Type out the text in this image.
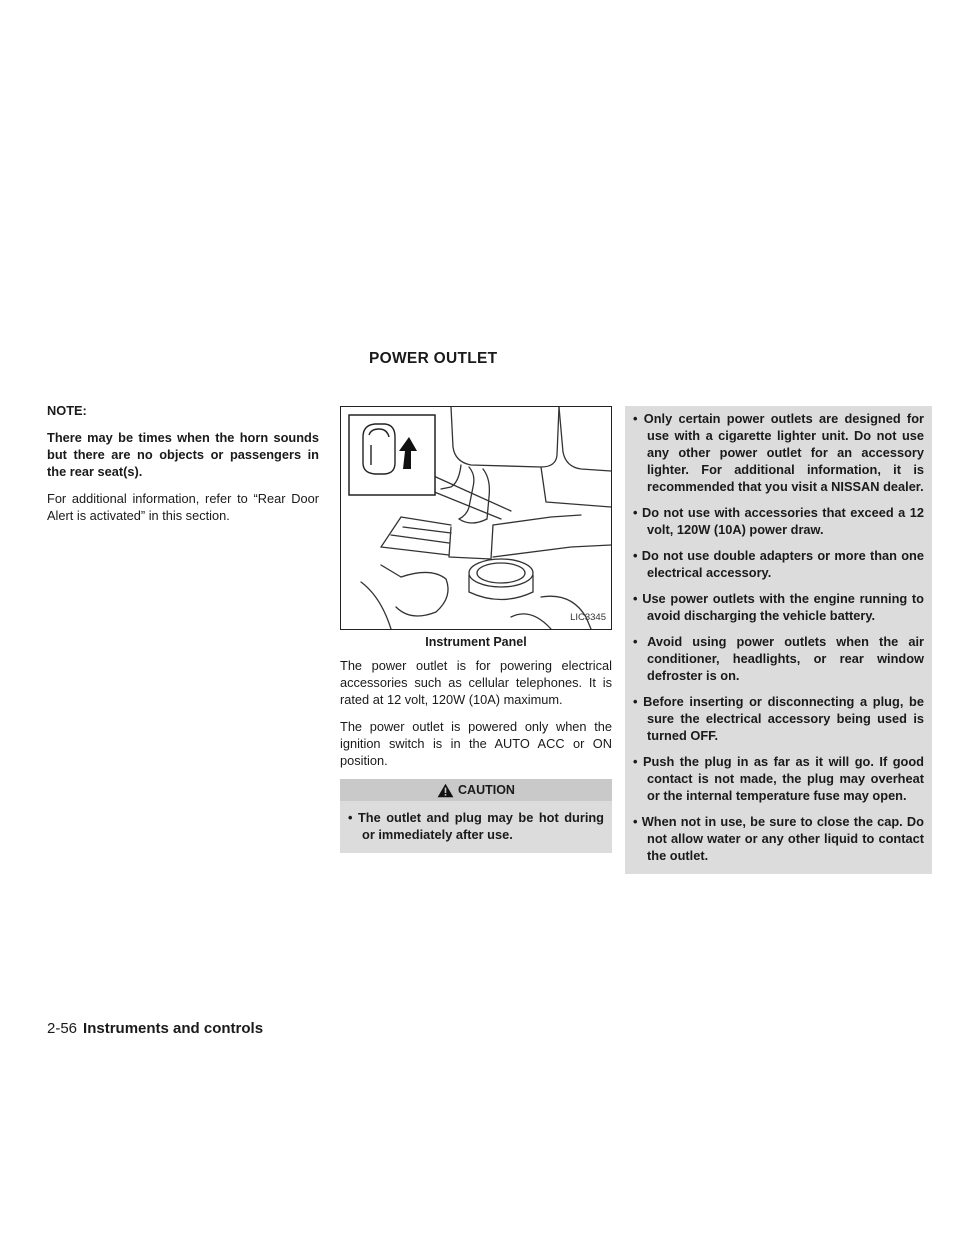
POWER OUTLET
NOTE:
There may be times when the horn sounds but there are no objects or passengers in the rear seat(s).
For additional information, refer to “Rear Door Alert is activated” in this section.
LIC3345
Instrument Panel
The power outlet is for powering electrical accessories such as cellular telephones. It is rated at 12 volt, 120W (10A) maximum.
The power outlet is powered only when the ignition switch is in the AUTO ACC or ON position.
CAUTION
• The outlet and plug may be hot during or immediately after use.
• Only certain power outlets are designed for use with a cigarette lighter unit. Do not use any other power outlet for an accessory lighter. For additional information, it is recommended that you visit a NISSAN dealer.
• Do not use with accessories that exceed a 12 volt, 120W (10A) power draw.
• Do not use double adapters or more than one electrical accessory.
• Use power outlets with the engine running to avoid discharging the vehicle battery.
• Avoid using power outlets when the air conditioner, headlights, or rear window defroster is on.
• Before inserting or disconnecting a plug, be sure the electrical accessory being used is turned OFF.
• Push the plug in as far as it will go. If good contact is not made, the plug may overheat or the internal temperature fuse may open.
• When not in use, be sure to close the cap. Do not allow water or any other liquid to contact the outlet.
2-56 Instruments and controls
